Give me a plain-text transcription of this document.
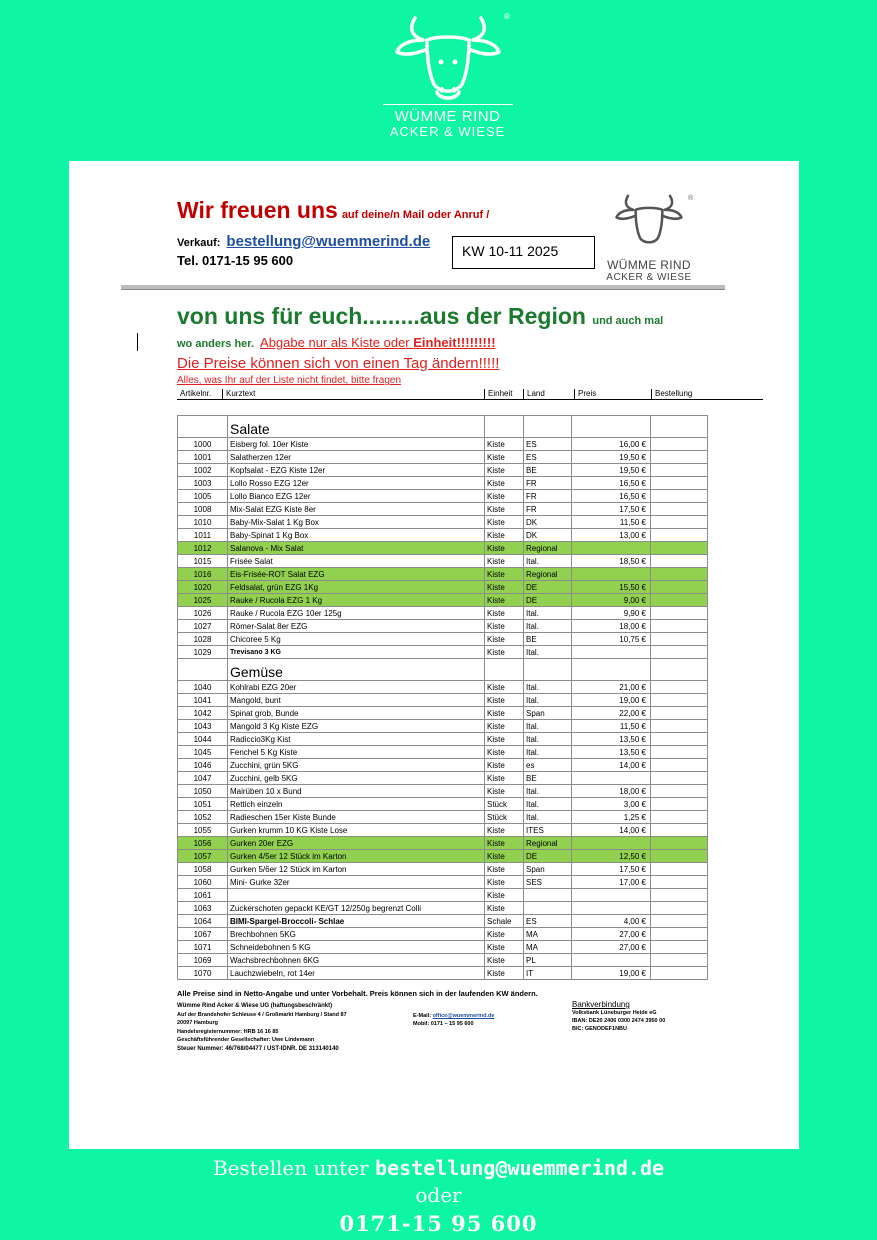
WÜMME RIND
ACKER & WIESE
®
Wir freuen uns auf deine/n Mail oder Anruf /
Verkauf: bestellung@wuemmerind.de
Tel. 0171-15 95 600
KW 10-11 2025
WÜMME RIND
ACKER & WIESE
®
von uns für euch.........aus der Region und auch mal
wo anders her. Abgabe nur als Kiste oder Einheit!!!!!!!!!
Die Preise können sich von einen Tag ändern!!!!!
Alles, was Ihr auf der Liste nicht findet, bitte fragen
Artikelnr.	Kurztext	Einheit	Land	Preis	Bestellung
	Salate				
1000	Eisberg fol. 10er Kiste	Kiste	ES	16,00 €	
1001	Salatherzen 12er	Kiste	ES	19,50 €	
1002	Kopfsalat - EZG Kiste 12er	Kiste	BE	19,50 €	
1003	Lollo Rosso EZG 12er	Kiste	FR	16,50 €	
1005	Lollo Bianco EZG 12er	Kiste	FR	16,50 €	
1008	Mix-Salat EZG Kiste 8er	Kiste	FR	17,50 €	
1010	Baby-Mix-Salat 1 Kg Box	Kiste	DK	11,50 €	
1011	Baby-Spinat 1 Kg Box	Kiste	DK	13,00 €	
1012	Salanova - Mix Salat	Kiste	Regional		
1015	Frisée Salat	Kiste	Ital.	18,50 €	
1016	Eis-Frisée-ROT Salat EZG	Kiste	Regional		
1020	Feldsalat, grün EZG 1Kg	Kiste	DE	15,50 €	
1025	Rauke / Rucola EZG 1 Kg	Kiste	DE	9,00 €	
1026	Rauke / Rucola EZG 10er 125g	Kiste	Ital.	9,90 €	
1027	Römer-Salat 8er EZG	Kiste	Ital.	18,00 €	
1028	Chicoree 5 Kg	Kiste	BE	10,75 €	
1029	Trevisano 3 KG	Kiste	Ital.		
	Gemüse				
1040	Kohlrabi EZG 20er	Kiste	Ital.	21,00 €	
1041	Mangold, bunt	Kiste	Ital.	19,00 €	
1042	Spinat grob, Bunde	Kiste	Span	22,00 €	
1043	Mangold 3 Kg Kiste EZG	Kiste	Ital.	11,50 €	
1044	Radiccio3Kg Kist	Kiste	Ital.	13,50 €	
1045	Fenchel 5 Kg Kiste	Kiste	Ital.	13,50 €	
1046	Zucchini, grün 5KG	Kiste	es	14,00 €	
1047	Zucchini, gelb 5KG	Kiste	BE		
1050	Mairüben 10 x Bund	Kiste	Ital.	18,00 €	
1051	Rettich einzeln	Stück	Ital.	3,00 €	
1052	Radieschen 15er Kiste Bunde	Stück	Ital.	1,25 €	
1055	Gurken krumm 10 KG Kiste Lose	Kiste	ITES	14,00 €	
1056	Gurken 20er EZG	Kiste	Regional		
1057	Gurken 4/5er 12 Stück im Karton	Kiste	DE	12,50 €	
1058	Gurken 5/6er 12 Stück im Karton	Kiste	Span	17,50 €	
1060	Mini- Gurke 32er	Kiste	SES	17,00 €	
1061		Kiste			
1063	Zuckerschoten gepackt KE/GT 12/250g begrenzt Colli	Kiste			
1064	BIMI-Spargel-Broccoli- Schlae	Schale	ES	4,00 €	
1067	Brechbohnen 5KG	Kiste	MA	27,00 €	
1071	Schneidebohnen 5 KG	Kiste	MA	27,00 €	
1069	Wachsbrechbohnen 6KG	Kiste	PL		
1070	Lauchzwiebeln, rot 14er	Kiste	IT	19,00 €	
Alle Preise sind in Netto-Angabe und unter Vorbehalt. Preis können sich in der laufenden KW ändern.
Wümme Rind Acker & Wiese UG (haftungsbeschränkt)
Auf der Brandshofer Schleuse 4 / Großmarkt Hamburg / Stand 87
20097 Hamburg
Handelsregisternummer: HRB 16 16 85
Geschäftsführender Gesellschafter: Uwe Lindemann
Steuer Nummer: 46/768/04477 / UST-IDNR. DE 313140140
E-Mail: office@wuemmerind.de
Mobil: 0171 – 15 95 600
Bankverbindung
Volksbank Lüneburger Heide eG
IBAN: DE20 2406 0300 2474 3950 00
BIC: GENODEF1NBU
Bestellen unter bestellung@wuemmerind.de
oder
0171-15 95 600
